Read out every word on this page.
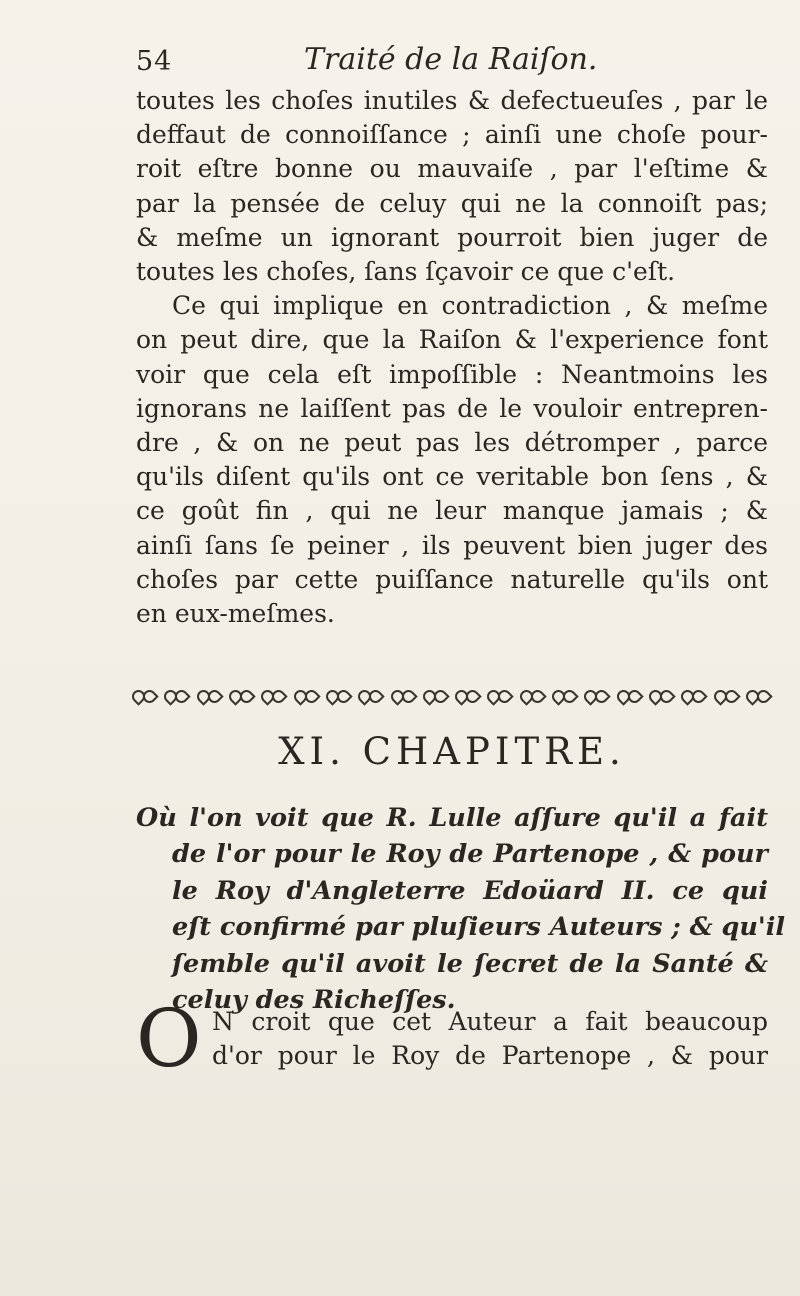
54	Traité de la Raiſon.
toutes les choſes inutiles & defectueuſes , par le
deffaut de connoiſſance ; ainſi une choſe pour-
roit eſtre bonne ou mauvaiſe , par l'eſtime &
par la pensée de celuy qui ne la connoiſt pas;
& meſme un ignorant pourroit bien juger de
toutes les choſes, ſans ſçavoir ce que c'eſt.
Ce qui implique en contradiction , & meſme
on peut dire, que la Raiſon & l'experience font
voir que cela eſt impoſſible : Neantmoins les
ignorans ne laiſſent pas de le vouloir entrepren-
dre , & on ne peut pas les détromper , parce
qu'ils diſent qu'ils ont ce veritable bon ſens , &
ce goût fin , qui ne leur manque jamais ; &
ainſi ſans ſe peiner , ils peuvent bien juger des
choſes par cette puiſſance naturelle qu'ils ont
en eux-meſmes.
XI. CHAPITRE.
Où l'on voit que R. Lulle aſſure qu'il a fait
de l'or pour le Roy de Partenope , & pour
le Roy d'Angleterre Edoüard II. ce qui
eſt confirmé par pluſieurs Auteurs ; & qu'il
ſemble qu'il avoit le ſecret de la Santé &
celuy des Richeſſes.
O N croit que cet Auteur a fait beaucoup
d'or pour le Roy de Partenope , & pour
